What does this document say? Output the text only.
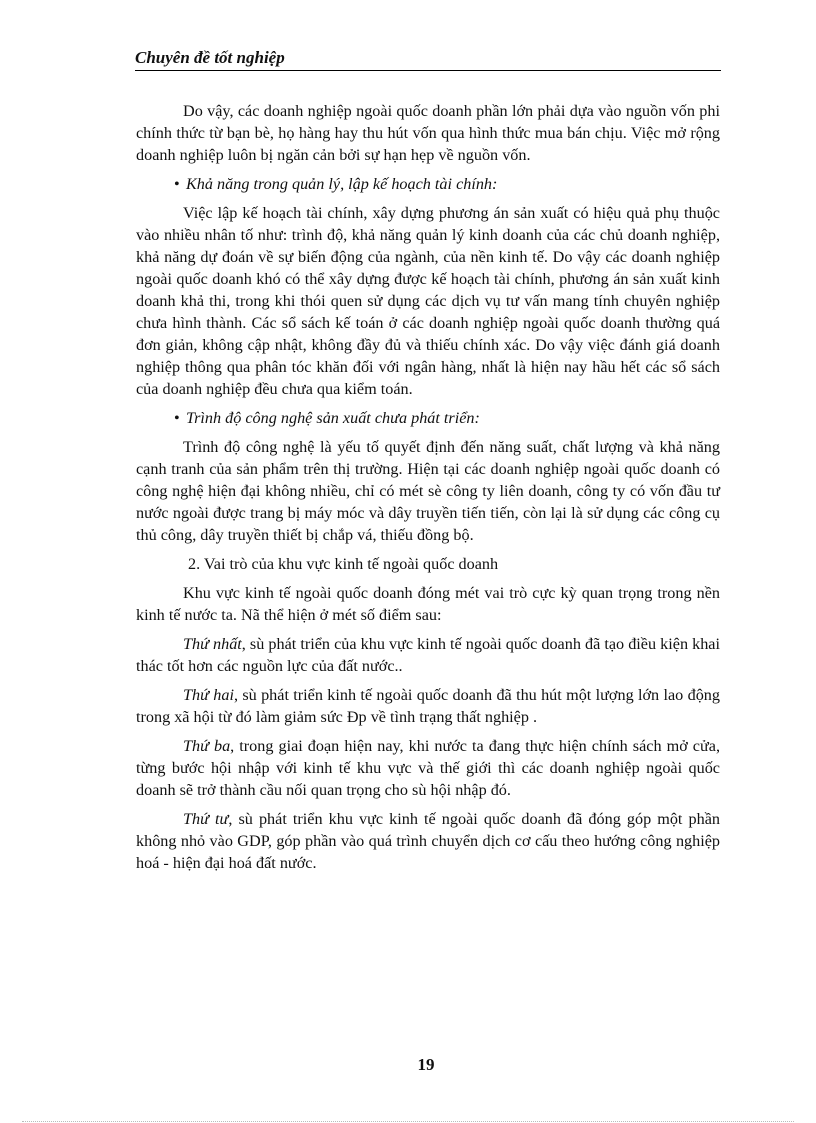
Chuyên đề tốt nghiệp

Do vậy, các doanh nghiệp ngoài quốc doanh phần lớn phải dựa vào nguồn vốn phi chính thức từ bạn bè, họ hàng hay thu hút vốn qua hình thức mua bán chịu. Việc mở rộng doanh nghiệp luôn bị ngăn cản bởi sự hạn hẹp về nguồn vốn.

• Khả năng trong quản lý, lập kế hoạch tài chính:

Việc lập kế hoạch tài chính, xây dựng phương án sản xuất có hiệu quả phụ thuộc vào nhiều nhân tố như: trình độ, khả năng quản lý kinh doanh của các chủ doanh nghiệp, khả năng dự đoán về sự biến động của ngành, của nền kinh tế. Do vậy các doanh nghiệp ngoài quốc doanh khó có thể xây dựng được kế hoạch tài chính, phương án sản xuất kinh doanh khả thi, trong khi thói quen sử dụng các dịch vụ tư vấn mang tính chuyên nghiệp chưa hình thành. Các sổ sách kế toán ở các doanh nghiệp ngoài quốc doanh thường quá đơn giản, không cập nhật, không đầy đủ và thiếu chính xác. Do vậy việc đánh giá doanh nghiệp thông qua phân tóc khăn đối với ngân hàng, nhất là hiện nay hầu hết các sổ sách của doanh nghiệp đều chưa qua kiểm toán.

• Trình độ công nghệ sản xuất chưa phát triển:

Trình độ công nghệ là yếu tố quyết định đến năng suất, chất lượng và khả năng cạnh tranh của sản phẩm trên thị trường. Hiện tại các doanh nghiệp ngoài quốc doanh có công nghệ hiện đại không nhiều, chỉ có mét sè công ty liên doanh, công ty có vốn đầu tư nước ngoài được trang bị máy móc và dây truyền tiến tiến, còn lại là sử dụng các công cụ thủ công, dây truyền thiết bị chắp vá, thiếu đồng bộ.

2. Vai trò của khu vực kinh tế ngoài quốc doanh

Khu vực kinh tế ngoài quốc doanh đóng mét vai trò cực kỳ quan trọng trong nền kinh tế nước ta. Nã thể hiện ở mét số điểm sau:

Thứ nhất, sù phát triển của khu vực kinh tế ngoài quốc doanh đã tạo điều kiện khai thác tốt hơn các nguồn lực của đất nước..

Thứ hai, sù phát triển kinh tế ngoài quốc doanh đã thu hút một lượng lớn lao động trong xã hội từ đó làm giảm sức Đp về tình trạng thất nghiệp .

Thứ ba, trong giai đoạn hiện nay, khi nước ta đang thực hiện chính sách mở cửa, từng bước hội nhập với kinh tế khu vực và thế giới thì các doanh nghiệp ngoài quốc doanh sẽ trở thành cầu nối quan trọng cho sù hội nhập đó.

Thứ tư, sù phát triển khu vực kinh tế ngoài quốc doanh đã đóng góp một phần không nhỏ vào GDP, góp phần vào quá trình chuyển dịch cơ cấu theo hướng công nghiệp hoá - hiện đại hoá đất nước.

19
